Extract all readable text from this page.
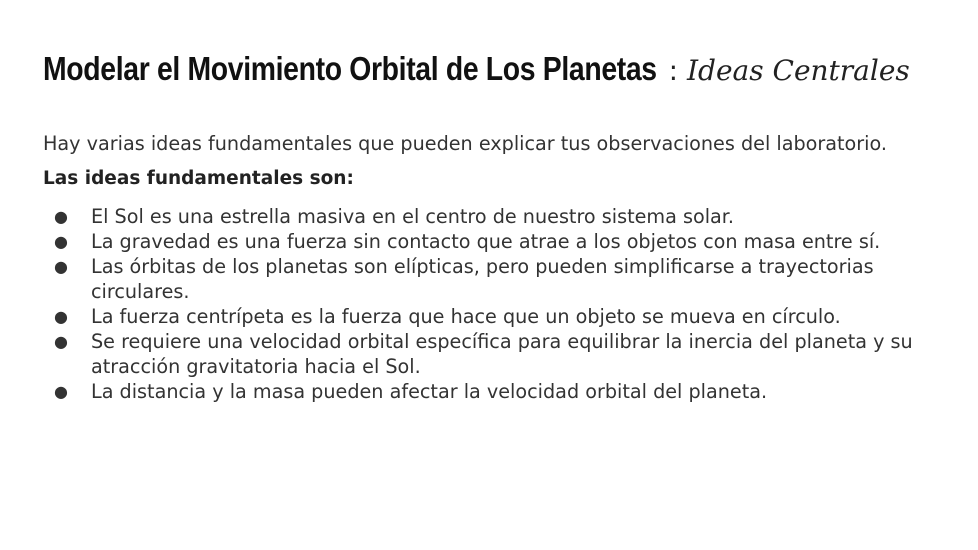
Modelar el Movimiento Orbital de Los Planetas : Ideas Centrales

Hay varias ideas fundamentales que pueden explicar tus observaciones del laboratorio.

Las ideas fundamentales son:

● El Sol es una estrella masiva en el centro de nuestro sistema solar.
● La gravedad es una fuerza sin contacto que atrae a los objetos con masa entre sí.
● Las órbitas de los planetas son elípticas, pero pueden simplificarse a trayectorias circulares.
● La fuerza centrípeta es la fuerza que hace que un objeto se mueva en círculo.
● Se requiere una velocidad orbital específica para equilibrar la inercia del planeta y su atracción gravitatoria hacia el Sol.
● La distancia y la masa pueden afectar la velocidad orbital del planeta.
